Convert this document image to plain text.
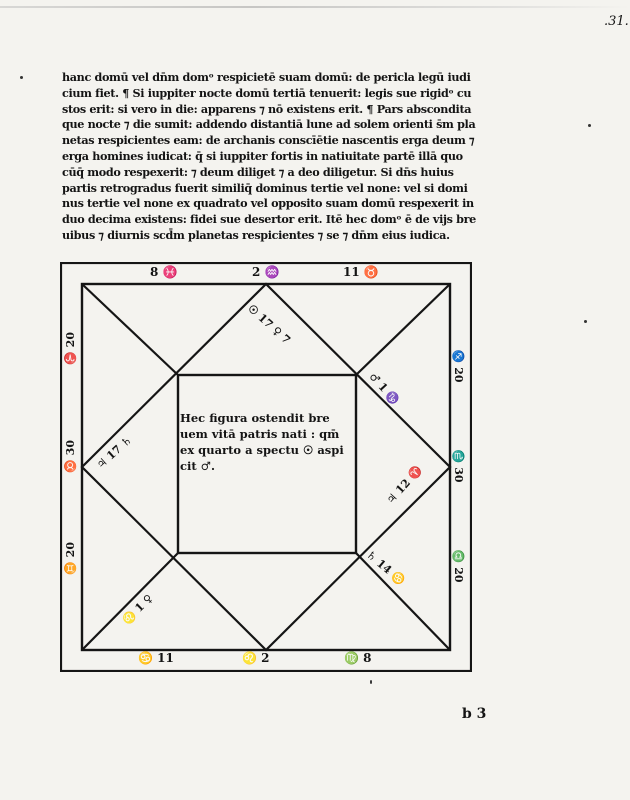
.31.
hanc domū vel dn̄m domᵒ respicietē suam domū: de pericla legū iudi
cium fiet. ¶ Si iuppiter nocte domū tertiā tenuerit: legis sue rigidᵒ cu
stos erit: si vero in die: apparens ⁊ nō existens erit. ¶ Pars abscondita
que nocte ⁊ die sumit: addendo distantiā lune ad solem orienti s̄m pla
netas respicientes eam: de archanis conscīētie nascentis erga deum ⁊
erga homines iudicat: q̄ si iuppiter fortis in natiuitate partē illā quo
cūq̄ modo respexerit: ⁊ deum diliget ⁊ a deo diligetur. Si dn̄s huius
partis retrogradus fuerit similiq̄ dominus tertie vel none: vel si domi
nus tertie vel none ex quadrato vel opposito suam domū respexerit in
duo decima existens: fidei sue desertor erit. Itē hec domᵒ ē de vijs bre
uibus ⁊ diurnis scd̄m planetas respicientes ⁊ se ⁊ dn̄m eius iudica.
8 ♓	2 ♒	11 ♉
♋ 11	♌ 2	♍ 8
♈ 20
♉ 30
♊ 20
♐ 20
♏ 30
♎ 20
☉ 17 ♀ 7
♂ 1 ♑
♃ 17 ♄
♃ 12 ♈
♄ 14 ♋
♌ 1 ♀
Hec figura ostendit bre
uem vitā patris nati : qm̄
ex quarto a spectu ☉ aspi
cit ♂.
b 3
